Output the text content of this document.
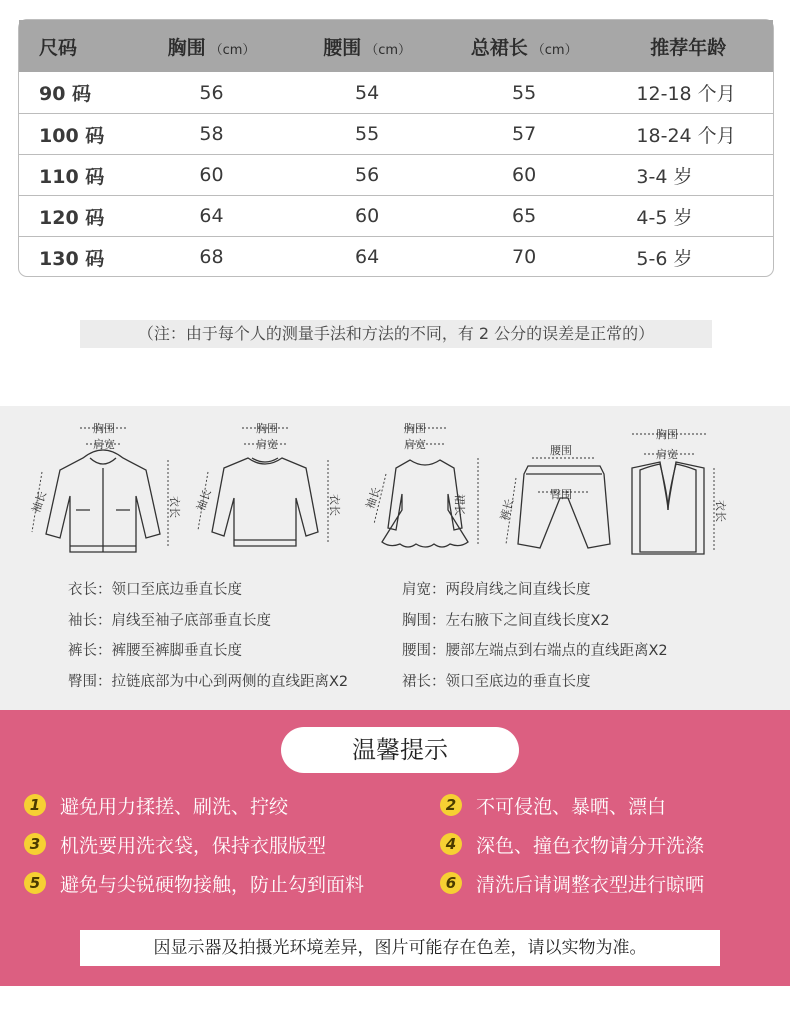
尺码	胸围 （cm）	腰围 （cm）	总裙长 （cm）	推荐年龄
90 码	56	54	55	12-18 个月
100 码	58	55	57	18-24 个月
110 码	60	56	60	3-4 岁
120 码	64	60	65	4-5 岁
130 码	68	64	70	5-6 岁
（注：由于每个人的测量手法和方法的不同，有 2 公分的误差是正常的）
胸围
肩宽
袖长	衣长
胸围
肩宽
袖长	衣长
胸围
肩宽
袖长	裙长
腰围
臀围
裤长
胸围
肩宽
衣长
衣长：领口至底边垂直长度	肩宽：两段肩线之间直线长度
袖长：肩线至袖子底部垂直长度	胸围：左右腋下之间直线长度X2
裤长：裤腰至裤脚垂直长度	腰围：腰部左端点到右端点的直线距离X2
臀围：拉链底部为中心到两侧的直线距离X2	裙长：领口至底边的垂直长度
温馨提示
1	避免用力揉搓、刷洗、拧绞	2	不可侵泡、暴晒、漂白
3	机洗要用洗衣袋，保持衣服版型	4	深色、撞色衣物请分开洗涤
5	避免与尖锐硬物接触，防止勾到面料	6	清洗后请调整衣型进行晾晒
因显示器及拍摄光环境差异，图片可能存在色差，请以实物为准。
